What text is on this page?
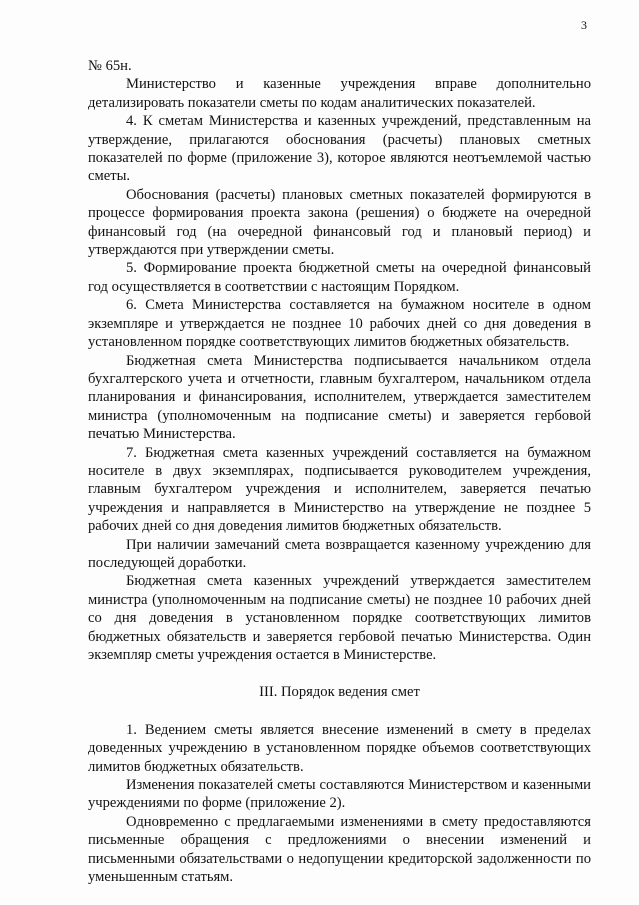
3

№ 65н.

Министерство и казенные учреждения вправе дополнительно детализировать показатели сметы по кодам аналитических показателей.

4. К сметам Министерства и казенных учреждений, представленным на утверждение, прилагаются обоснования (расчеты) плановых сметных показателей по форме (приложение 3), которое являются неотъемлемой частью сметы.

Обоснования (расчеты) плановых сметных показателей формируются в процессе формирования проекта закона (решения) о бюджете на очередной финансовый год (на очередной финансовый год и плановый период) и утверждаются при утверждении сметы.

5. Формирование проекта бюджетной сметы на очередной финансовый год осуществляется в соответствии с настоящим Порядком.

6. Смета Министерства составляется на бумажном носителе в одном экземпляре и утверждается не позднее 10 рабочих дней со дня доведения в установленном порядке соответствующих лимитов бюджетных обязательств.

Бюджетная смета Министерства подписывается начальником отдела бухгалтерского учета и отчетности, главным бухгалтером, начальником отдела планирования и финансирования, исполнителем, утверждается заместителем министра (уполномоченным на подписание сметы) и заверяется гербовой печатью Министерства.

7. Бюджетная смета казенных учреждений составляется на бумажном носителе в двух экземплярах, подписывается руководителем учреждения, главным бухгалтером учреждения и исполнителем, заверяется печатью учреждения и направляется в Министерство на утверждение не позднее 5 рабочих дней со дня доведения лимитов бюджетных обязательств.

При наличии замечаний смета возвращается казенному учреждению для последующей доработки.

Бюджетная смета казенных учреждений утверждается заместителем министра (уполномоченным на подписание сметы) не позднее 10 рабочих дней со дня доведения в установленном порядке соответствующих лимитов бюджетных обязательств и заверяется гербовой печатью Министерства. Один экземпляр сметы учреждения остается в Министерстве.

III. Порядок ведения смет

1. Ведением сметы является внесение изменений в смету в пределах доведенных учреждению в установленном порядке объемов соответствующих лимитов бюджетных обязательств.

Изменения показателей сметы составляются Министерством и казенными учреждениями по форме (приложение 2).

Одновременно с предлагаемыми изменениями в смету предоставляются письменные обращения с предложениями о внесении изменений и письменными обязательствами о недопущении кредиторской задолженности по уменьшенным статьям.
